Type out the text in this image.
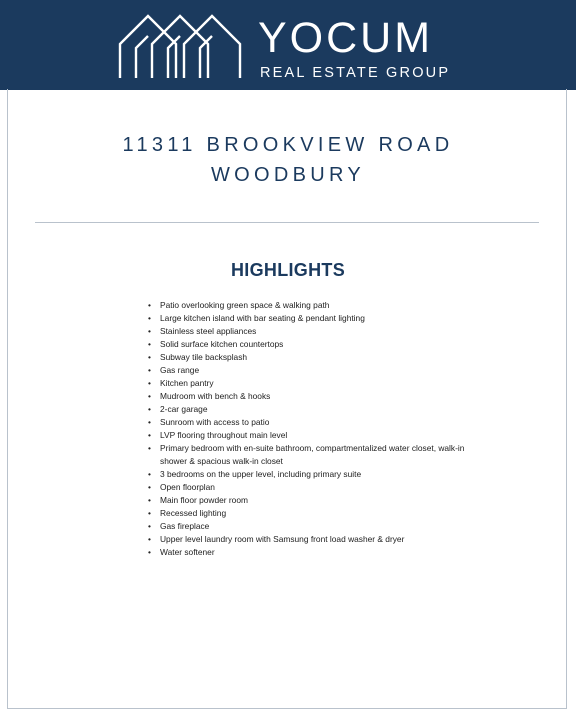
YOCUM
REAL ESTATE GROUP
11311 BROOKVIEW ROAD
WOODBURY
HIGHLIGHTS
• Patio overlooking green space & walking path
• Large kitchen island with bar seating & pendant lighting
• Stainless steel appliances
• Solid surface kitchen countertops
• Subway tile backsplash
• Gas range
• Kitchen pantry
• Mudroom with bench & hooks
• 2-car garage
• Sunroom with access to patio
• LVP flooring throughout main level
• Primary bedroom with en-suite bathroom, compartmentalized water closet, walk-in shower & spacious walk-in closet
• 3 bedrooms on the upper level, including primary suite
• Open floorplan
• Main floor powder room
• Recessed lighting
• Gas fireplace
• Upper level laundry room with Samsung front load washer & dryer
• Water softener
